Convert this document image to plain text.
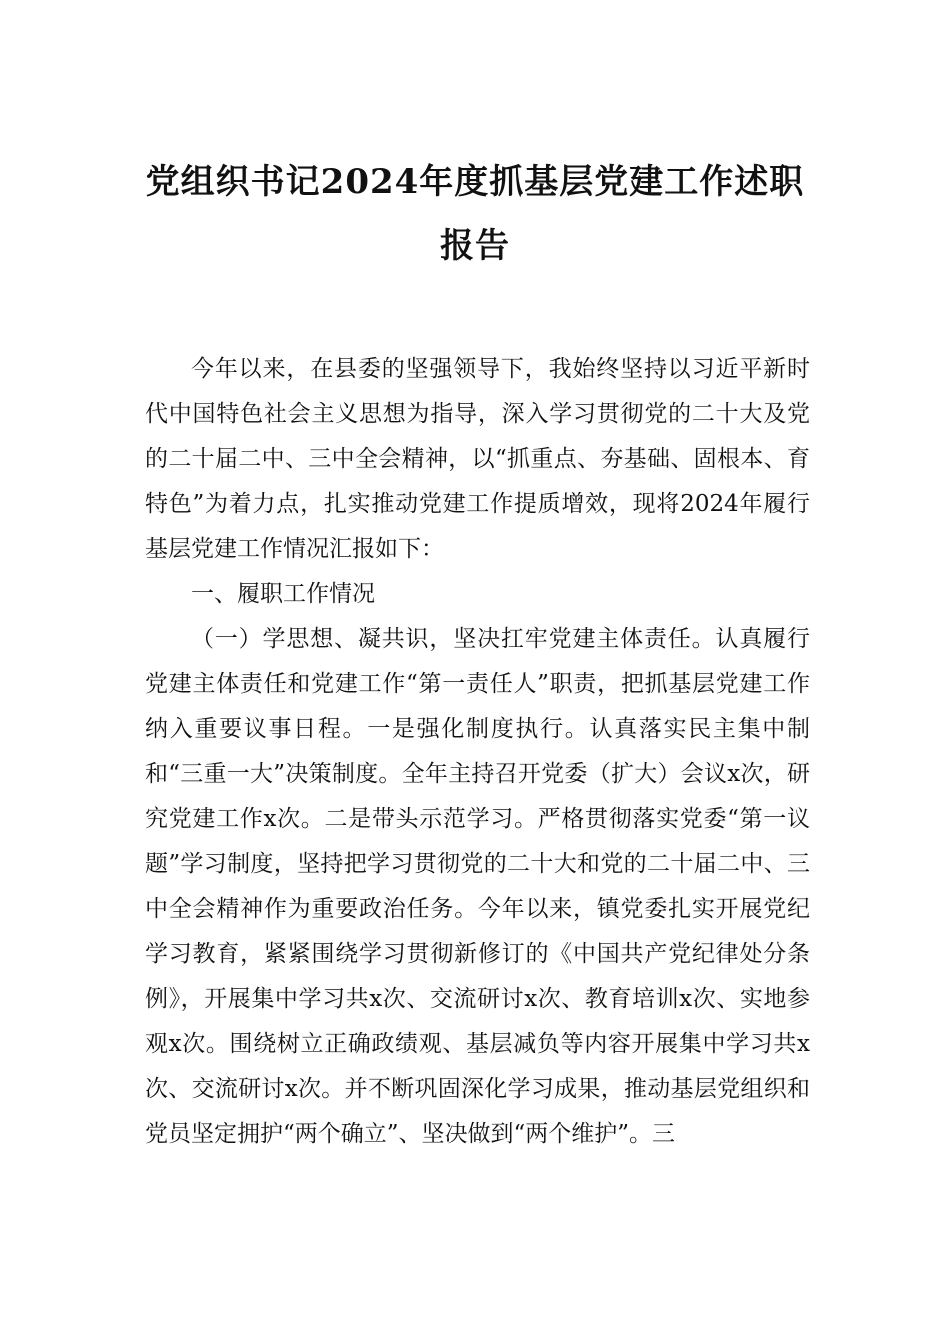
党组织书记2024年度抓基层党建工作述职报告

今年以来，在县委的坚强领导下，我始终坚持以习近平新时代中国特色社会主义思想为指导，深入学习贯彻党的二十大及党的二十届二中、三中全会精神，以“抓重点、夯基础、固根本、育特色”为着力点，扎实推动党建工作提质增效，现将2024年履行基层党建工作情况汇报如下：

一、履职工作情况

（一）学思想、凝共识，坚决扛牢党建主体责任。认真履行党建主体责任和党建工作“第一责任人”职责，把抓基层党建工作纳入重要议事日程。一是强化制度执行。认真落实民主集中制和“三重一大”决策制度。全年主持召开党委（扩大）会议x次，研究党建工作x次。二是带头示范学习。严格贯彻落实党委“第一议题”学习制度，坚持把学习贯彻党的二十大和党的二十届二中、三中全会精神作为重要政治任务。今年以来，镇党委扎实开展党纪学习教育，紧紧围绕学习贯彻新修订的《中国共产党纪律处分条例》，开展集中学习共x次、交流研讨x次、教育培训x次、实地参观x次。围绕树立正确政绩观、基层减负等内容开展集中学习共x次、交流研讨x次。并不断巩固深化学习成果，推动基层党组织和党员坚定拥护“两个确立”、坚决做到“两个维护”。三
